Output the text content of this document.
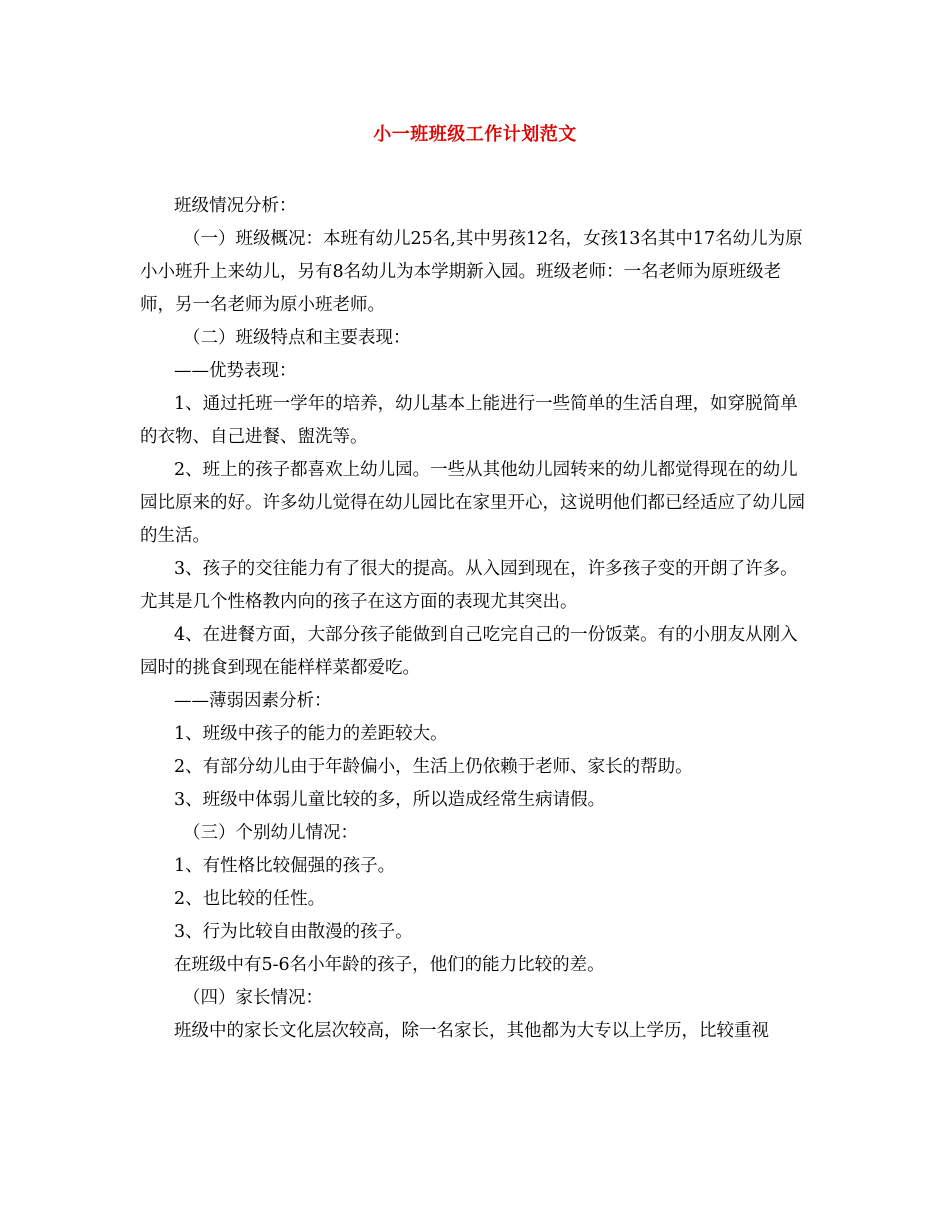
小一班班级工作计划范文

班级情况分析：

（一）班级概况：本班有幼儿25名,其中男孩12名，女孩13名其中17名幼儿为原小小班升上来幼儿，另有8名幼儿为本学期新入园。班级老师：一名老师为原班级老师，另一名老师为原小班老师。

（二）班级特点和主要表现：

——优势表现：

1、通过托班一学年的培养，幼儿基本上能进行一些简单的生活自理，如穿脱简单的衣物、自己进餐、盥洗等。

2、班上的孩子都喜欢上幼儿园。一些从其他幼儿园转来的幼儿都觉得现在的幼儿园比原来的好。许多幼儿觉得在幼儿园比在家里开心，这说明他们都已经适应了幼儿园的生活。

3、孩子的交往能力有了很大的提高。从入园到现在，许多孩子变的开朗了许多。尤其是几个性格教内向的孩子在这方面的表现尤其突出。

4、在进餐方面，大部分孩子能做到自己吃完自己的一份饭菜。有的小朋友从刚入园时的挑食到现在能样样菜都爱吃。

——薄弱因素分析：

1、班级中孩子的能力的差距较大。

2、有部分幼儿由于年龄偏小，生活上仍依赖于老师、家长的帮助。

3、班级中体弱儿童比较的多，所以造成经常生病请假。

（三）个别幼儿情况：

1、有性格比较倔强的孩子。

2、也比较的任性。

3、行为比较自由散漫的孩子。

在班级中有5-6名小年龄的孩子，他们的能力比较的差。

（四）家长情况：

班级中的家长文化层次较高，除一名家长，其他都为大专以上学历，比较重视
